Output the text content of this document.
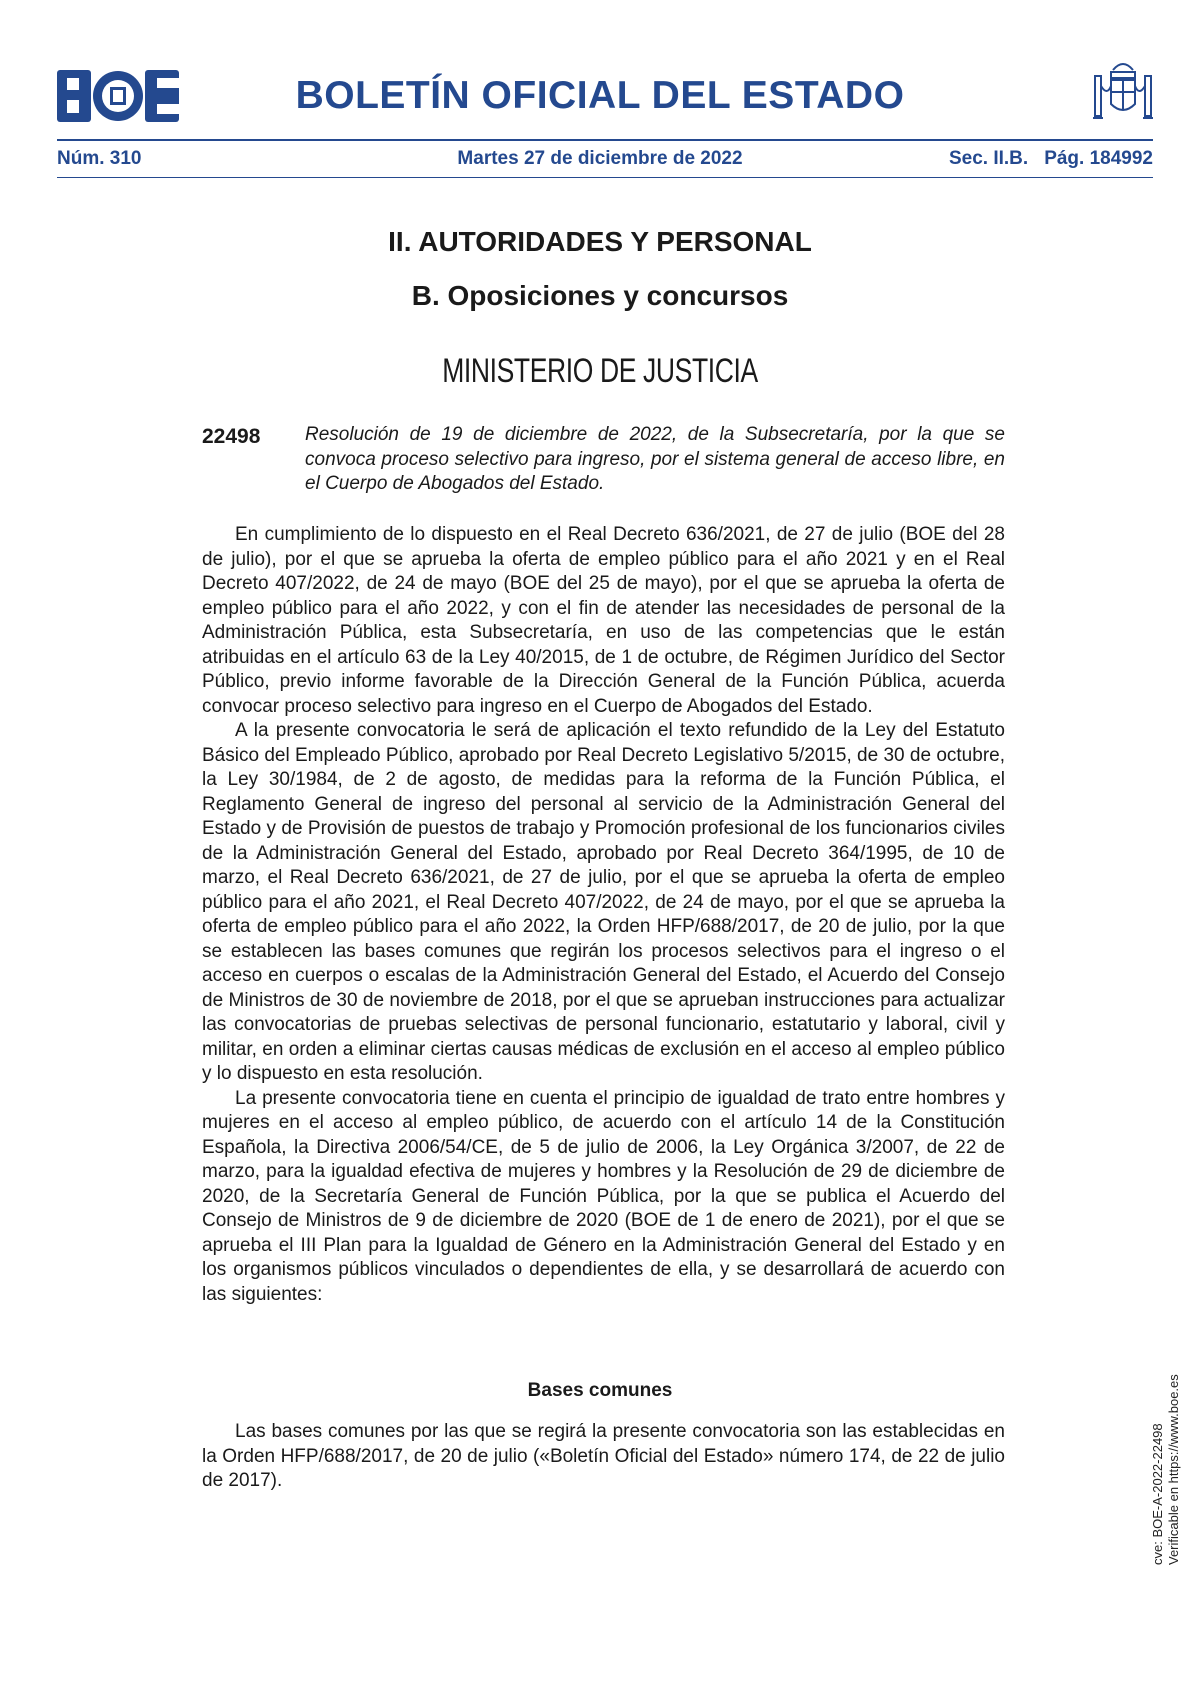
BOLETÍN OFICIAL DEL ESTADO
Núm. 310	Martes 27 de diciembre de 2022	Sec. II.B. Pág. 184992
II. AUTORIDADES Y PERSONAL
B. Oposiciones y concursos
MINISTERIO DE JUSTICIA
22498 Resolución de 19 de diciembre de 2022, de la Subsecretaría, por la que se convoca proceso selectivo para ingreso, por el sistema general de acceso libre, en el Cuerpo de Abogados del Estado.

En cumplimiento de lo dispuesto en el Real Decreto 636/2021, de 27 de julio (BOE del 28 de julio), por el que se aprueba la oferta de empleo público para el año 2021 y en el Real Decreto 407/2022, de 24 de mayo (BOE del 25 de mayo), por el que se aprueba la oferta de empleo público para el año 2022, y con el fin de atender las necesidades de personal de la Administración Pública, esta Subsecretaría, en uso de las competencias que le están atribuidas en el artículo 63 de la Ley 40/2015, de 1 de octubre, de Régimen Jurídico del Sector Público, previo informe favorable de la Dirección General de la Función Pública, acuerda convocar proceso selectivo para ingreso en el Cuerpo de Abogados del Estado.

A la presente convocatoria le será de aplicación el texto refundido de la Ley del Estatuto Básico del Empleado Público, aprobado por Real Decreto Legislativo 5/2015, de 30 de octubre, la Ley 30/1984, de 2 de agosto, de medidas para la reforma de la Función Pública, el Reglamento General de ingreso del personal al servicio de la Administración General del Estado y de Provisión de puestos de trabajo y Promoción profesional de los funcionarios civiles de la Administración General del Estado, aprobado por Real Decreto 364/1995, de 10 de marzo, el Real Decreto 636/2021, de 27 de julio, por el que se aprueba la oferta de empleo público para el año 2021, el Real Decreto 407/2022, de 24 de mayo, por el que se aprueba la oferta de empleo público para el año 2022, la Orden HFP/688/2017, de 20 de julio, por la que se establecen las bases comunes que regirán los procesos selectivos para el ingreso o el acceso en cuerpos o escalas de la Administración General del Estado, el Acuerdo del Consejo de Ministros de 30 de noviembre de 2018, por el que se aprueban instrucciones para actualizar las convocatorias de pruebas selectivas de personal funcionario, estatutario y laboral, civil y militar, en orden a eliminar ciertas causas médicas de exclusión en el acceso al empleo público y lo dispuesto en esta resolución.

La presente convocatoria tiene en cuenta el principio de igualdad de trato entre hombres y mujeres en el acceso al empleo público, de acuerdo con el artículo 14 de la Constitución Española, la Directiva 2006/54/CE, de 5 de julio de 2006, la Ley Orgánica 3/2007, de 22 de marzo, para la igualdad efectiva de mujeres y hombres y la Resolución de 29 de diciembre de 2020, de la Secretaría General de Función Pública, por la que se publica el Acuerdo del Consejo de Ministros de 9 de diciembre de 2020 (BOE de 1 de enero de 2021), por el que se aprueba el III Plan para la Igualdad de Género en la Administración General del Estado y en los organismos públicos vinculados o dependientes de ella, y se desarrollará de acuerdo con las siguientes:

Bases comunes

Las bases comunes por las que se regirá la presente convocatoria son las establecidas en la Orden HFP/688/2017, de 20 de julio («Boletín Oficial del Estado» número 174, de 22 de julio de 2017).	cve: BOE-A-2022-22498 Verificable en https://www.boe.es
